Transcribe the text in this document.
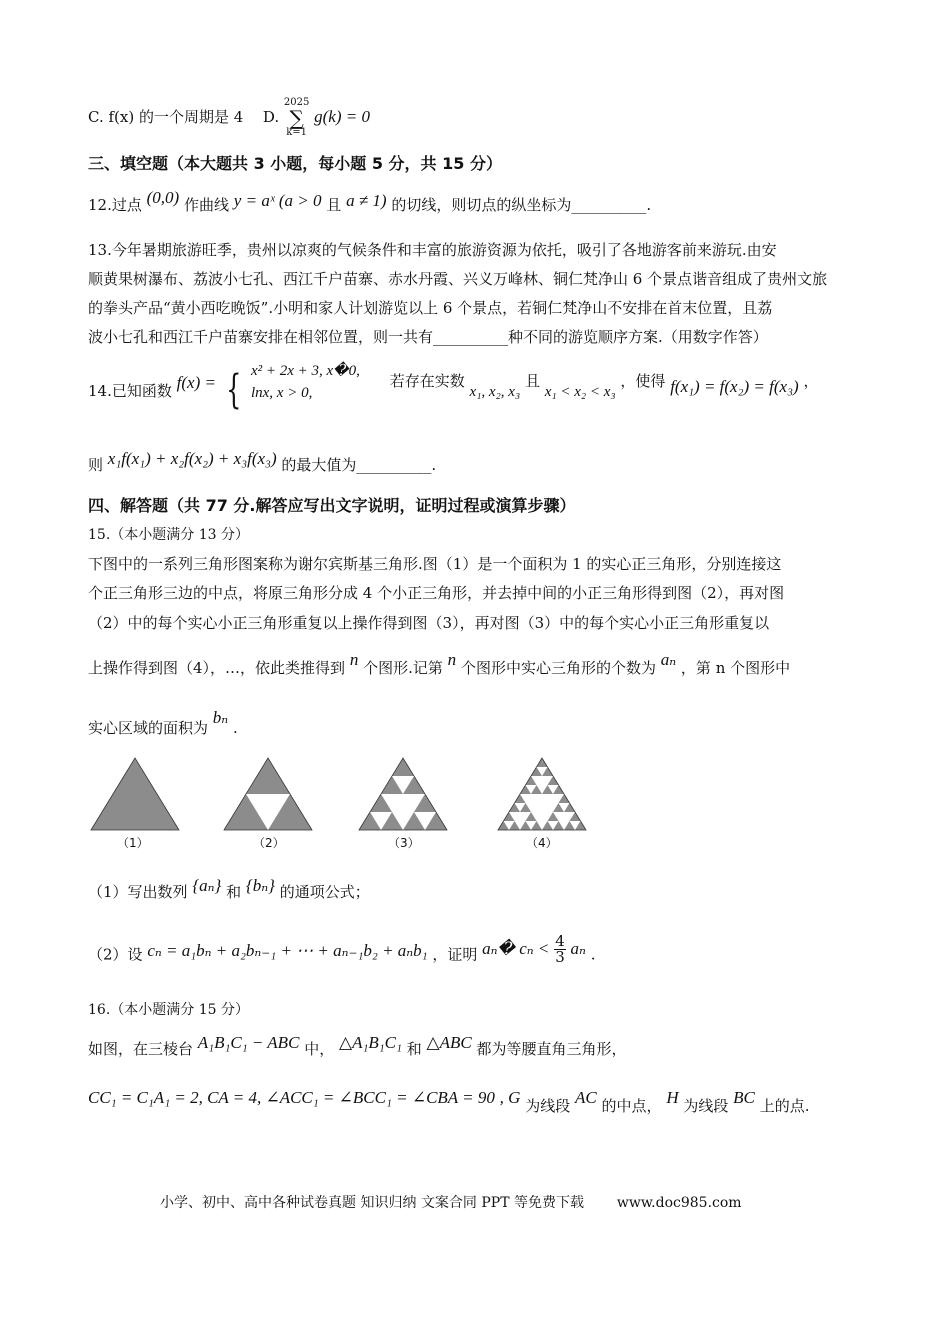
C. f(x) 的一个周期是 4 D.
2025
∑
k=1
g(k) = 0
三、填空题（本大题共 3 小题，每小题 5 分，共 15 分）
12.过点 (0,0) 作曲线 y = aˣ (a > 0 且 a ≠ 1) 的切线，则切点的纵坐标为__________.
13.今年暑期旅游旺季，贵州以凉爽的气候条件和丰富的旅游资源为依托，吸引了各地游客前来游玩.由安
顺黄果树瀑布、荔波小七孔、西江千户苗寨、赤水丹霞、兴义万峰林、铜仁梵净山 6 个景点谐音组成了贵州文旅
的拳头产品“黄小西吃晚饭”.小明和家人计划游览以上 6 个景点，若铜仁梵净山不安排在首末位置，且荔
波小七孔和西江千户苗寨安排在相邻位置，则一共有__________种不同的游览顺序方案.（用数字作答）
14.已知函数 f(x) = { x² + 2x + 3, x�0,
lnx, x > 0,
若存在实数 x₁, x₂, x₃ 且 x₁ < x₂ < x₃ ，使得 f(x₁) = f(x₂) = f(x₃) ，
则 x₁f(x₁) + x₂f(x₂) + x₃f(x₃) 的最大值为__________.
四、解答题（共 77 分.解答应写出文字说明，证明过程或演算步骤）
15.（本小题满分 13 分）
下图中的一系列三角形图案称为谢尔宾斯基三角形.图（1）是一个面积为 1 的实心正三角形，分别连接这
个正三角形三边的中点，将原三角形分成 4 个小正三角形，并去掉中间的小正三角形得到图（2），再对图
（2）中的每个实心小正三角形重复以上操作得到图（3），再对图（3）中的每个实心小正三角形重复以
上操作得到图（4），…，依此类推得到 n 个图形.记第 n 个图形中实心三角形的个数为 aₙ ，第 n 个图形中
实心区域的面积为 bₙ .
（1）	（2）	（3）	（4）
（1）写出数列 {aₙ} 和 {bₙ} 的通项公式；
（2）设 cₙ = a₁bₙ + a₂bₙ₋₁ + ⋯ + aₙ₋₁b₂ + aₙb₁ ，证明 aₙ� $c_n < \frac{4}{3}$ aₙ .
16.（本小题满分 15 分）
如图，在三棱台 A₁B₁C₁ − ABC 中， △A₁B₁C₁ 和 △ABC 都为等腰直角三角形，
CC₁ = C₁A₁ = 2, CA = 4, ∠ACC₁ = ∠BCC₁ = ∠CBA = 90 , G 为线段 AC 的中点， H 为线段 BC 上的点.
小学、初中、高中各种试卷真题 知识归纳 文案合同 PPT 等免费下载 www.doc985.com
